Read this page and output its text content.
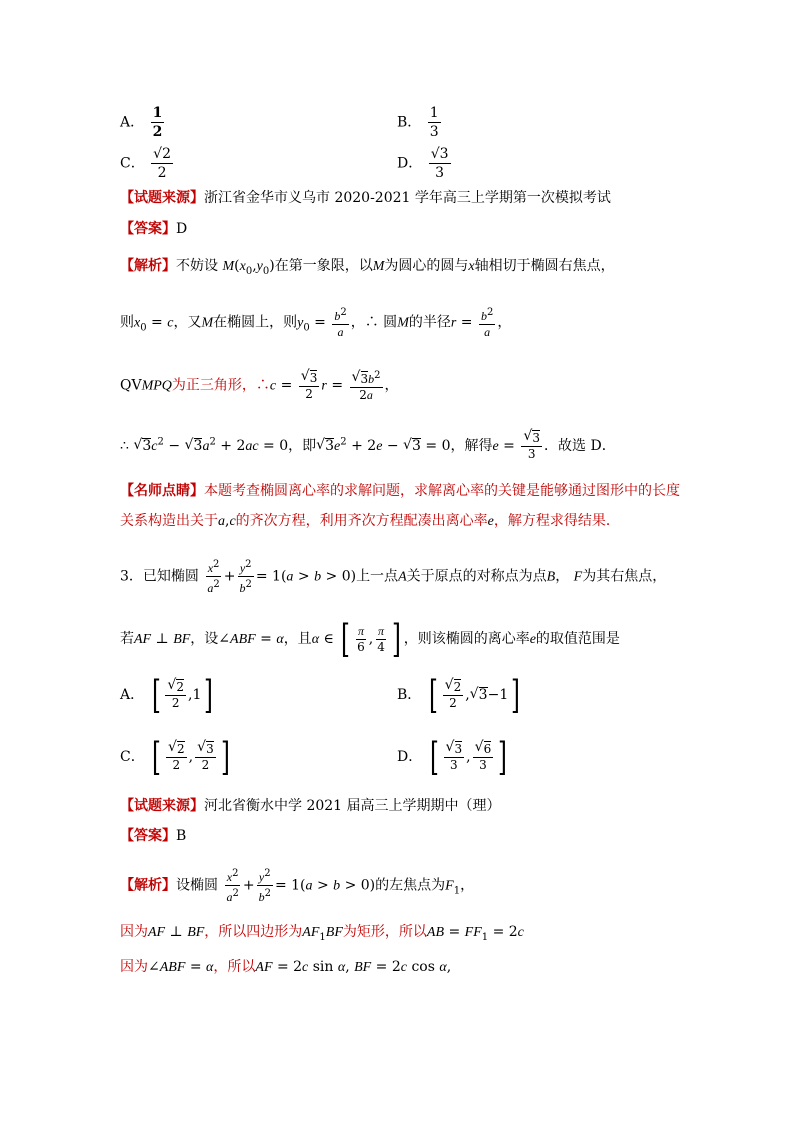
A． $\frac{1}{2}$	B． $\frac{1}{3}$
C． $\frac{√2}{2}$	D． $\frac{√3}{3}$
【试题来源】浙江省金华市义乌市 2020-2021 学年高三上学期第一次模拟考试
【答案】D
【解析】不妨设 $M(x_0,y_0)$在第一象限，以M为圆心的圆与x轴相切于椭圆右焦点，
则$x_0 = c$，又M在椭圆上，则$y_0 = \frac{b^2}{a}$ ，∴ 圆M的半径$r = \frac{b^2}{a}$ ，
QVMPQ为正三角形，∴c = √ $\frac{3}{2}$ r = √ $\frac{3b^2}{2a}$ ，
∴ √ $3c^2$ − √ $3a^2 + 2ac = 0$，即 √ $3e^2 + 2e$ − √ 3 = 0，解得e = √ $\frac{3}{3}$ ．故选 D．
【名师点睛】本题考查椭圆离心率的求解问题，求解离心率的关键是能够通过图形中的长度
关系构造出关于a,c的齐次方程，利用齐次方程配凑出离心率e，解方程求得结果．
3．已知椭圆 $\frac{x^2}{a^2} + \frac{y^2}{b^2} = 1(a > b > 0)$上一点A关于原点的对称点为点B， F为其右焦点，
若AF ⊥ BF，设∠ABF = α，且α ∈ [ $\frac{\pi}{6}$ , $\frac{\pi}{4}$ ] ，则该椭圆的离心率e的取值范围是
A． [ √ $\frac{2}{2} ,1$ ]	B． [ √ $\frac{2}{2}$ , √ 3 −1 ]
C． [ √ $\frac{2}{2}$ , √ $\frac{3}{2}$ ]	D． [ √ $\frac{3}{3}$ , √ $\frac{6}{3}$ ]
【试题来源】河北省衡水中学 2021 届高三上学期期中（理）
【答案】B
【解析】设椭圆 $\frac{x^2}{a^2} + \frac{y^2}{b^2} = 1(a > b > 0)$的左焦点为$F_1$，
因为AF ⊥ BF，所以四边形为$AF_1BF$为矩形，所以AB = $FF_1 = 2c$
因为∠ABF = α，所以AF = 2c sin α, BF = 2c cos α,
